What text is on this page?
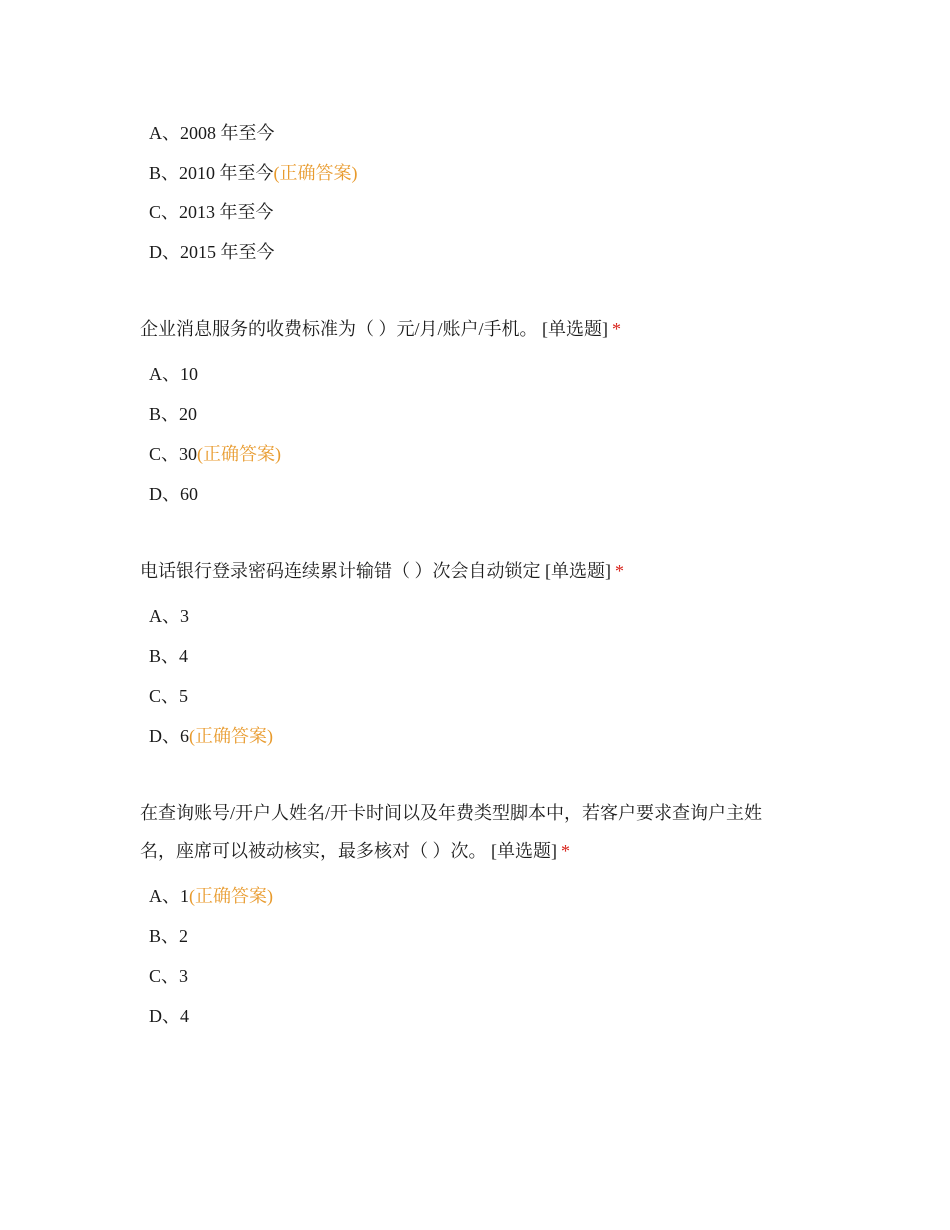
A、2008 年至今
B、2010 年至今(正确答案)
C、2013 年至今
D、2015 年至今
企业消息服务的收费标准为（ ）元/月/账户/手机。 [单选题] *
A、10
B、20
C、30(正确答案)
D、60
电话银行登录密码连续累计输错（ ）次会自动锁定 [单选题] *
A、3
B、4
C、5
D、6(正确答案)
在查询账号/开户人姓名/开卡时间以及年费类型脚本中，若客户要求查询户主姓名，座席可以被动核实，最多核对（ ）次。 [单选题] *
A、1(正确答案)
B、2
C、3
D、4
